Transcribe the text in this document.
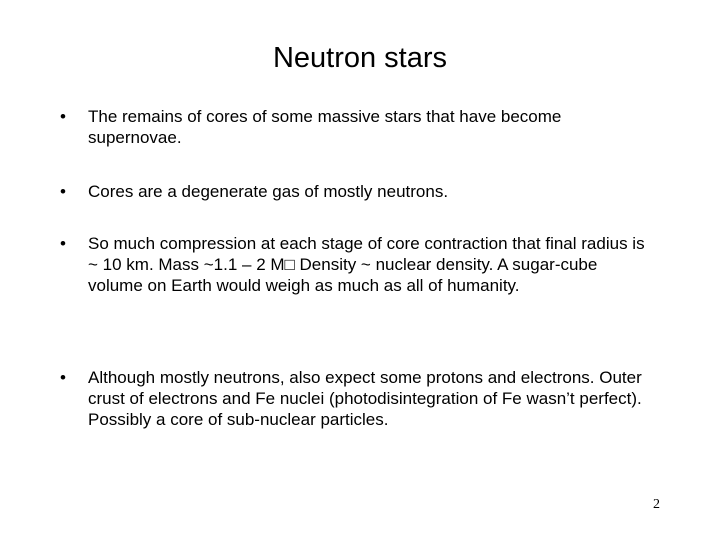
Neutron stars
•	The remains of cores of some massive stars that have become supernovae.
•	Cores are a degenerate gas of mostly neutrons.
•	So much compression at each stage of core contraction that final radius is ~ 10 km. Mass ~1.1 – 2 M□ Density ~ nuclear density. A sugar-cube volume on Earth would weigh as much as all of humanity.
•	Although mostly neutrons, also expect some protons and electrons. Outer crust of electrons and Fe nuclei (photodisintegration of Fe wasn’t perfect). Possibly a core of sub-nuclear particles.
2
